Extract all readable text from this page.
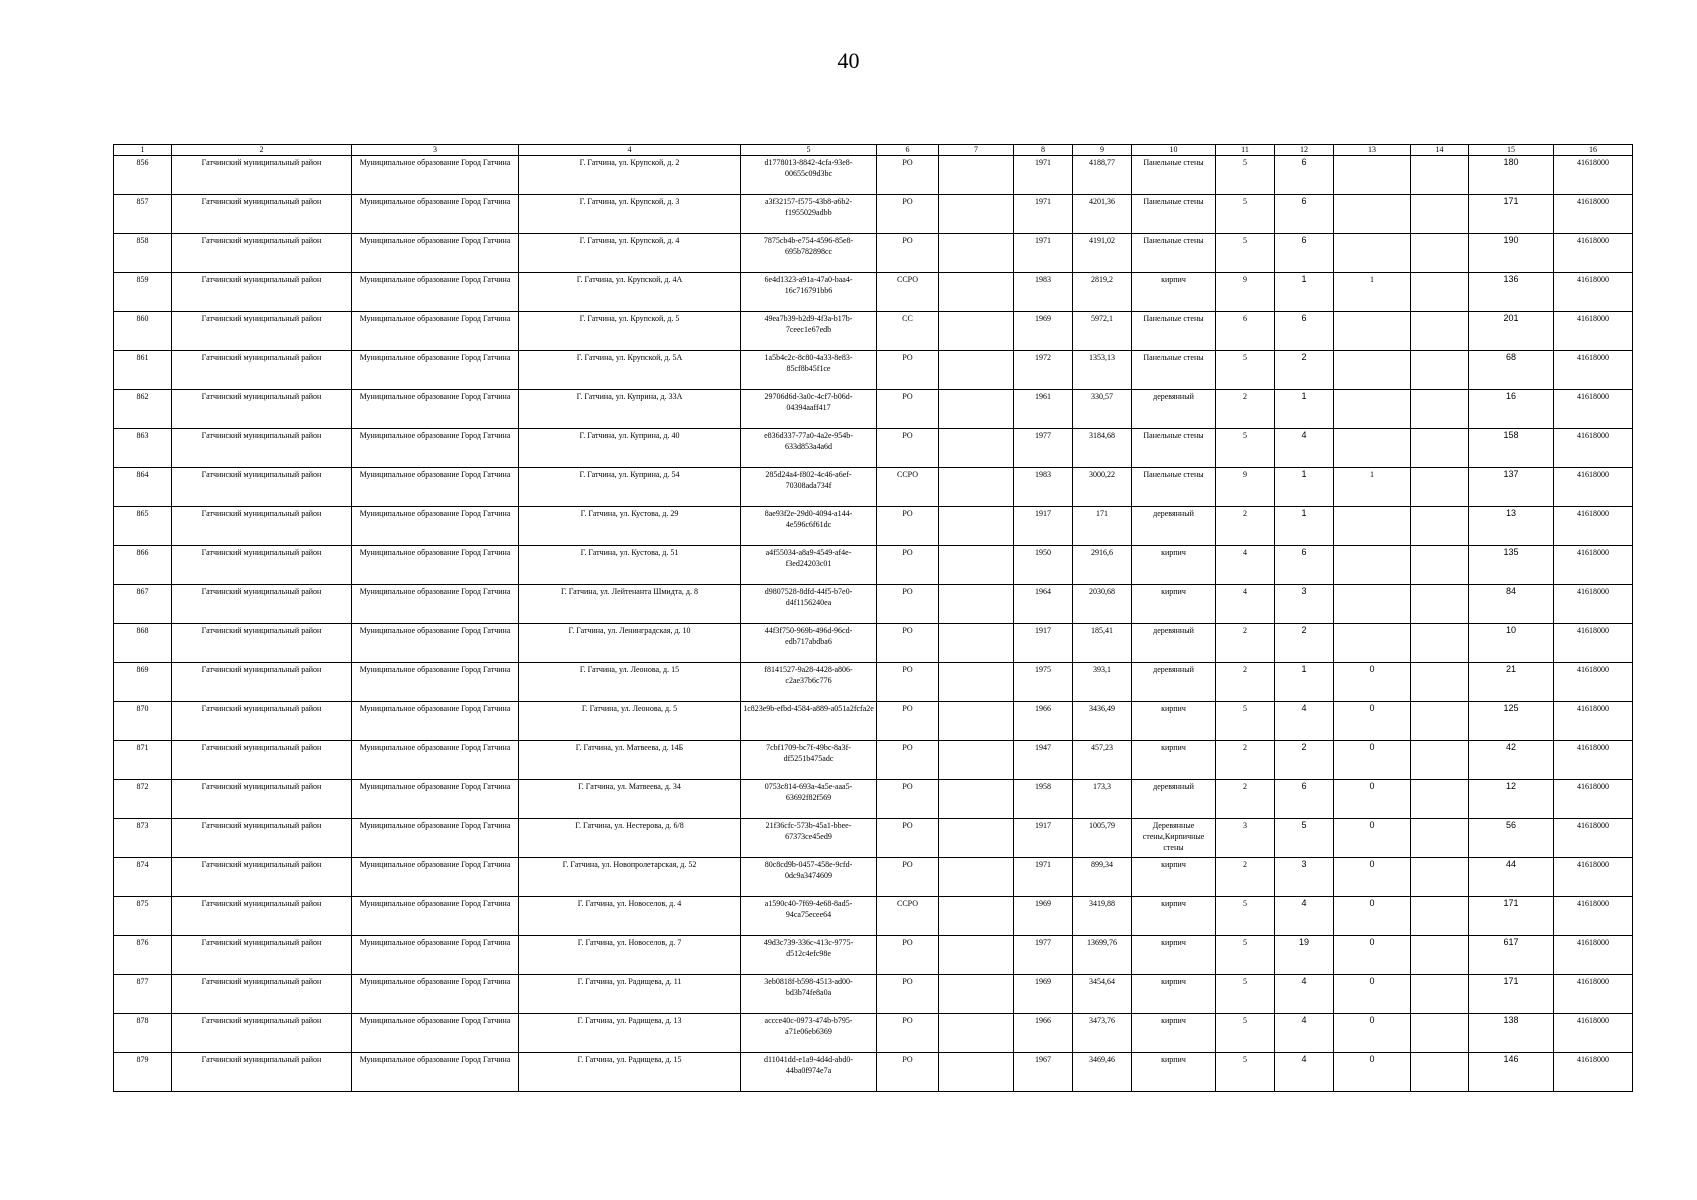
40
1	2	3	4	5	6	7	8	9	10	11	12	13	14	15	16
856	Гатчинский муниципальный район	Муниципальное образование Город Гатчина	Г. Гатчина, ул. Крупской, д. 2	d1778013-8842-4cfa-93e8-00655c09d3bc	РО		1971	4188,77	Панельные стены	5	6			180	41618000
857	Гатчинский муниципальный район	Муниципальное образование Город Гатчина	Г. Гатчина, ул. Крупской, д. 3	a3f32157-f575-43b8-a6b2-f1955029adbb	РО		1971	4201,36	Панельные стены	5	6			171	41618000
858	Гатчинский муниципальный район	Муниципальное образование Город Гатчина	Г. Гатчина, ул. Крупской, д. 4	7875cb4b-e754-4596-85e8-695b782898cc	РО		1971	4191,02	Панельные стены	5	6			190	41618000
859	Гатчинский муниципальный район	Муниципальное образование Город Гатчина	Г. Гатчина, ул. Крупской, д. 4А	6e4d1323-a91a-47a0-baa4-16c716791bb6	ССРО		1983	2819,2	кирпич	9	1	1		136	41618000
860	Гатчинский муниципальный район	Муниципальное образование Город Гатчина	Г. Гатчина, ул. Крупской, д. 5	49ea7b39-b2d9-4f3a-b17b-7ceec1e67edb	СС		1969	5972,1	Панельные стены	6	6			201	41618000
861	Гатчинский муниципальный район	Муниципальное образование Город Гатчина	Г. Гатчина, ул. Крупской, д. 5А	1a5b4c2c-8c80-4a33-8e83-85cf8b45f1ce	РО		1972	1353,13	Панельные стены	5	2			68	41618000
862	Гатчинский муниципальный район	Муниципальное образование Город Гатчина	Г. Гатчина, ул. Куприна, д. 33А	29706d6d-3a0c-4cf7-b06d-04394aaff417	РО		1961	330,57	деревянный	2	1			16	41618000
863	Гатчинский муниципальный район	Муниципальное образование Город Гатчина	Г. Гатчина, ул. Куприна, д. 40	e836d337-77a0-4a2e-954b-633d853a4a6d	РО		1977	3184,68	Панельные стены	5	4			158	41618000
864	Гатчинский муниципальный район	Муниципальное образование Город Гатчина	Г. Гатчина, ул. Куприна, д. 54	285d24a4-f802-4c46-a6ef-70308ada734f	ССРО		1983	3000,22	Панельные стены	9	1	1		137	41618000
865	Гатчинский муниципальный район	Муниципальное образование Город Гатчина	Г. Гатчина, ул. Кустова, д. 29	8ae93f2e-29d0-4094-a144-4e596c6f61dc	РО		1917	171	деревянный	2	1			13	41618000
866	Гатчинский муниципальный район	Муниципальное образование Город Гатчина	Г. Гатчина, ул. Кустова, д. 51	a4f55034-a8a9-4549-af4e-f3ed24203c01	РО		1950	2916,6	кирпич	4	6			135	41618000
867	Гатчинский муниципальный район	Муниципальное образование Город Гатчина	Г. Гатчина, ул. Лейтенанта Шмидта, д. 8	d9807528-8dfd-44f5-b7e0-d4f1156240ea	РО		1964	2030,68	кирпич	4	3			84	41618000
868	Гатчинский муниципальный район	Муниципальное образование Город Гатчина	Г. Гатчина, ул. Ленинградская, д. 10	44f3f750-969b-496d-96cd-edb717abdba6	РО		1917	185,41	деревянный	2	2			10	41618000
869	Гатчинский муниципальный район	Муниципальное образование Город Гатчина	Г. Гатчина, ул. Леонова, д. 15	f8141527-9a28-4428-a806-c2ae37b6c776	РО		1975	393,1	деревянный	2	1	0		21	41618000
870	Гатчинский муниципальный район	Муниципальное образование Город Гатчина	Г. Гатчина, ул. Леонова, д. 5	1c823e9b-efbd-4584-a889-a051a2fcfa2e	РО		1966	3436,49	кирпич	5	4	0		125	41618000
871	Гатчинский муниципальный район	Муниципальное образование Город Гатчина	Г. Гатчина, ул. Матвеева, д. 14Б	7cbf1709-bc7f-49bc-8a3f-df5251b475adc	РО		1947	457,23	кирпич	2	2	0		42	41618000
872	Гатчинский муниципальный район	Муниципальное образование Город Гатчина	Г. Гатчина, ул. Матвеева, д. 34	0753c814-693a-4a5e-aaa5-63692f82f569	РО		1958	173,3	деревянный	2	6	0		12	41618000
873	Гатчинский муниципальный район	Муниципальное образование Город Гатчина	Г. Гатчина, ул. Нестерова, д. 6/8	21f36cfc-573b-45a1-bbee-67373ce45ed9	РО		1917	1005,79	Деревянные стены,Кирпичные стены	3	5	0		56	41618000
874	Гатчинский муниципальный район	Муниципальное образование Город Гатчина	Г. Гатчина, ул. Новопролетарская, д. 52	80c8cd9b-0457-458e-9cfd-0dc9a3474609	РО		1971	899,34	кирпич	2	3	0		44	41618000
875	Гатчинский муниципальный район	Муниципальное образование Город Гатчина	Г. Гатчина, ул. Новоселов, д. 4	a1590c40-7f69-4e68-8ad5-94ca75ecee64	ССРО		1969	3419,88	кирпич	5	4	0		171	41618000
876	Гатчинский муниципальный район	Муниципальное образование Город Гатчина	Г. Гатчина, ул. Новоселов, д. 7	49d3c739-336c-413c-9775-d512c4efc98e	РО		1977	13699,76	кирпич	5	19	0		617	41618000
877	Гатчинский муниципальный район	Муниципальное образование Город Гатчина	Г. Гатчина, ул. Радищева, д. 11	3eb0818f-b598-4513-ad00-bd3b74fe8a0a	РО		1969	3454,64	кирпич	5	4	0		171	41618000
878	Гатчинский муниципальный район	Муниципальное образование Город Гатчина	Г. Гатчина, ул. Радищева, д. 13	accce40c-0973-474b-b795-a71e06eb6369	РО		1966	3473,76	кирпич	5	4	0		138	41618000
879	Гатчинский муниципальный район	Муниципальное образование Город Гатчина	Г. Гатчина, ул. Радищева, д. 15	d11041dd-e1a9-4d4d-abd0-44ba0f974e7a	РО		1967	3469,46	кирпич	5	4	0		146	41618000
